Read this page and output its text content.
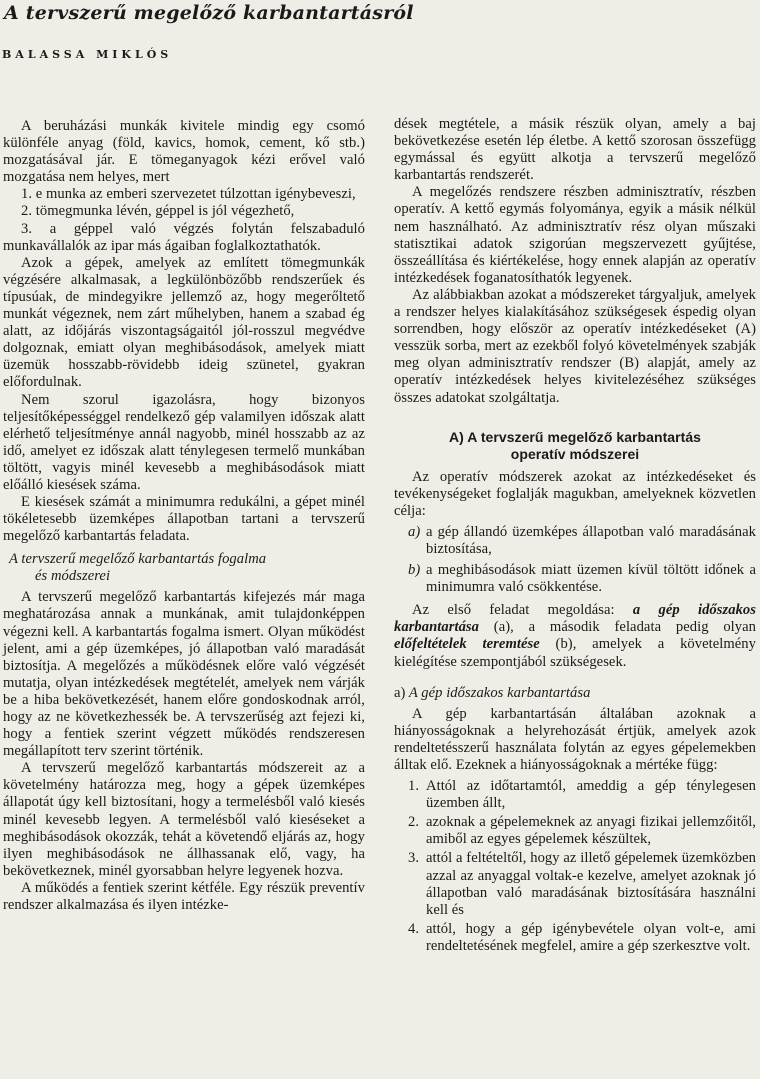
A tervszerű megelőző karbantartásról
BALASSA MIKLÓS

A beruházási munkák kivitele mindig egy csomó különféle anyag (föld, kavics, homok, cement, kő stb.) mozgatásával jár. E tömeganyagok kézi erővel való mozgatása nem helyes, mert

1. e munka az emberi szervezetet túlzottan igénybeveszi,
2. tömegmunka lévén, géppel is jól végezhető,
3. a géppel való végzés folytán felszabaduló munkavállalók az ipar más ágaiban foglalkoztathatók.

Azok a gépek, amelyek az említett tömegmunkák végzésére alkalmasak, a legkülönbözőbb rendszerűek és típusúak, de mindegyikre jellemző az, hogy megerőltető munkát végeznek, nem zárt műhelyben, hanem a szabad ég alatt, az időjárás viszontagságaitól jól-rosszul megvédve dolgoznak, emiatt olyan meghibásodások, amelyek miatt üzemük hosszabb-rövidebb ideig szünetel, gyakran előfordulnak.

Nem szorul igazolásra, hogy bizonyos teljesítőképességgel rendelkező gép valamilyen időszak alatt elérhető teljesítménye annál nagyobb, minél hosszabb az az idő, amelyet ez időszak alatt ténylegesen termelő munkában töltött, vagyis minél kevesebb a meghibásodások miatt előálló kiesések száma.

E kiesések számát a minimumra redukálni, a gépet minél tökéletesebb üzemképes állapotban tartani a tervszerű megelőző karbantartás feladata.

A tervszerű megelőző karbantartás fogalma
és módszerei

A tervszerű megelőző karbantartás kifejezés már maga meghatározása annak a munkának, amit tulajdonképpen végezni kell. A karbantartás fogalma ismert. Olyan működést jelent, ami a gép üzemképes, jó állapotban való maradását biztosítja. A megelőzés a működésnek előre való végzését mutatja, olyan intézkedések megtételét, amelyek nem várják be a hiba bekövetkezését, hanem előre gondoskodnak arról, hogy az ne következhessék be. A tervszerűség azt fejezi ki, hogy a fentiek szerint végzett működés rendszeresen megállapított terv szerint történik.

A tervszerű megelőző karbantartás módszereit az a követelmény határozza meg, hogy a gépek üzemképes állapotát úgy kell biztosítani, hogy a termelésből való kiesés minél kevesebb legyen. A termelésből való kieséseket a meghibásodások okozzák, tehát a követendő eljárás az, hogy ilyen meghibásodások ne állhassanak elő, vagy, ha bekövetkeznek, minél gyorsabban helyre legyenek hozva.

A működés a fentiek szerint kétféle. Egy részük preventív rendszer alkalmazása és ilyen intézke-

dések megtétele, a másik részük olyan, amely a baj bekövetkezése esetén lép életbe. A kettő szorosan összefügg egymással és együtt alkotja a tervszerű megelőző karbantartás rendszerét.

A megelőzés rendszere részben adminisztratív, részben operatív. A kettő egymás folyománya, egyik a másik nélkül nem használható. Az adminisztratív rész olyan műszaki statisztikai adatok szigorúan megszervezett gyűjtése, összeállítása és kiértékelése, hogy ennek alapján az operatív intézkedések foganatosíthatók legyenek.

Az alábbiakban azokat a módszereket tárgyaljuk, amelyek a rendszer helyes kialakításához szükségesek éspedig olyan sorrendben, hogy először az operatív intézkedéseket (A) vesszük sorba, mert az ezekből folyó követelmények szabják meg olyan adminisztratív rendszer (B) alapját, amely az operatív intézkedések helyes kivitelezéséhez szükséges összes adatokat szolgáltatja.

A) A tervszerű megelőző karbantartás
operatív módszerei

Az operatív módszerek azokat az intézkedéseket és tevékenységeket foglalják magukban, amelyeknek közvetlen célja:

a) a gép állandó üzemképes állapotban való maradásának biztosítása,
b) a meghibásodások miatt üzemen kívül töltött időnek a minimumra való csökkentése.

Az első feladat megoldása: a gép időszakos karbantartása (a), a második feladata pedig olyan előfeltételek teremtése (b), amelyek a követelmény kielégítése szempontjából szükségesek.

a) A gép időszakos karbantartása

A gép karbantartásán általában azoknak a hiányosságoknak a helyrehozását értjük, amelyek azok rendeltetésszerű használata folytán az egyes gépelemekben álltak elő. Ezeknek a hiányosságoknak a mértéke függ:

1. Attól az időtartamtól, ameddig a gép ténylegesen üzemben állt,
2. azoknak a gépelemeknek az anyagi fizikai jellemzőitől, amiből az egyes gépelemek készültek,
3. attól a feltételtől, hogy az illető gépelemek üzemközben azzal az anyaggal voltak-e kezelve, amelyet azoknak jó állapotban való maradásának biztosítására használni kell és
4. attól, hogy a gép igénybevétele olyan volt-e, ami rendeltetésének megfelel, amire a gép szerkesztve volt.
